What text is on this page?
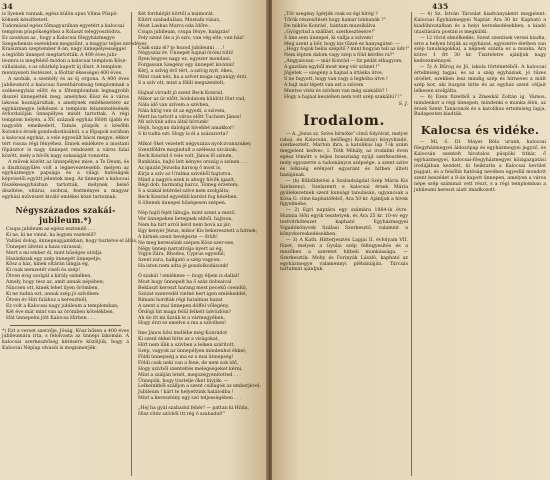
34
is ilyenek vannak, egész külön opus Vilma Püspö-
köknek készíttetett.
Tudomásul egész főmagyarában egyetért a kalocsai
templom püspökségéhez a Kolaszt telegyosztódva.
Ez azonban az , hogy a Kalocsai főegyházmegye
Szegediensis esetekben megszűnt, a magyar teljes ezredéves
Kraiszman szeptember 8-án, nagy ünnepélyességgel
a legtöbb ünnepet megtartották. A 400 éves jubi-
leumra is megfelelő módon a kalocsai templom Kösz-
vállalásán, s az oltárkép kapott új díszt. A templom
mennyezeti festészet, a főoltár ékességei 400 éves.

A szobák, a szentély és az új orgona. A 400 éves jubileumról a kalocsai Szentháromság templomnak a székesegyház előtt és a főtemplomban legnagyobb dísszel ünnepelték meg, amelyhez Kösz és a város lakosai hozzájárultak, s amelynek emlékezetére az egyházmegye lelkészei a templom felszentelésének évfordulóján ünnepélyes misét tartottak. A régi templom helyén, a XV. századi egyház fölött újabb és nagyobb emelkedett, Tamás püspök s később Kolonics érsek gondoskodásából, s a főpapok sorában a kalocsai egyház, a vele egyesült bácsi megye, ekkor tért vissza régi fényéhez. Ennek emlékére a mostani főpásztor is nagy ünnepet rendezett a város falai között, mely a hívők nagy sokaságát vonzotta.

A művek között az ünnepélyes mise, a Te Deum, és a díszközgyűlés volt a legnevezetesebb, melyen az egyházmegye papsága és a világi hatóságok képviselői együtt jelentek meg. Az ünnepet a kalocsai főszékesegyházban tartották, melynek belső díszítése, oltárai, szobrai, festményei a magyar egyházi művészet kiváló emlékei közé tartoznak.

Négyszázados szakái-jubileum.*)
Csupa jubileum az egész esztendő . . .
Ki ne, ki ne vinné, ha legyen vezérelő?
Vallási dolog, ünnepnapjainkban, hogy tisztelve el áll is,
Ünnepet ültetni a haza várassal;
Mert a mi ember él, mint hűséges utódja
Hazánknak egy szép ünnepét ünnepelje;
Kösz a ház, kinek oltárán lángja ég,
Ki csak nemzetét viseli és szép!
Ötven évig szolgál a király színében,
Amely, hogy tesz az, amit annak népében;
Nincsen ott, kinek lehet ilyen örömben,
Ki ne tudná ezt, annak szép jó szívében:
Ötven év Híri falához a keresztnél,
Ez volt a Kalocsai nagy jubileum a templomban;
Két éve már mint van az örömben kötelékben,
Hát ünnepelni jött Kalocsa Hirben . . .

*) Ezt a verset szerzője, Jóság, Kösz hősen a 400 éves jubileumára írta, s felolvasta az ünnepi lakomán. A kalocsai szerkesztőség kérésére közöljük, hogy a Kalocsai Néplap olvasói is megismerjék.

Két fordulóját körtől a mámorát.
Kitért szabadulása, Mustafa víziaz,
Most Lashas Marcs oda Időre .
Csupa jubileum, csupa fénye, hangzás!
Fely szent öle a jó szív; van vég elte, van ház!
Csak száz él? te hozod jubileumi . . .!
Négyszáz év. Ünnepét hajnal örömi tölti!
Ilyen kegyes nagy ez, egyszer mondani,
Forgassan Szegény egy ünnepét kivánni!
Kérj, a szívig érő tért, a szívig nyit, ékes,
Mint csak néz, ha a szívet maga ugyanígy érzi,
S a szív ott, mint a földi megszentelt;
Hajnal virradt jó szent Beck Konrád,
Mikor az úr előtt, hódolatom küldött fönt vad,
Nála idő van szívem a szívben,
Nála hírig ven út az egyedi, a szívem,
Mert ha tartott a város előtt Tuchsen János!
Mi szívünk adva által hívtunk!
Hejh, hogyan dalolgat hívebbé amakkor!
S ki tudta ezt: Hogy is él a százszorta?
Mikor őket vezetett négyszáza nyolczvanszuket;
Szentföldre megindult a szélessz utcának;
Beck Konrád ö vele volt, János fő színén,
Bankátás, hajtó lett kényes ország a színen . . .
Az igazán Jézusba harsog ő most is,
Kirja a szív az Uralma szívéből hajtatva.
Mind a nagyra ezek is ahogy hívők igazít,
Régi dob, harmatig harcz, Tömeg érzetem;
S a szakál letérdel szíve nem szolgálta;
Beck Konrád egyedüli kardot fog kézében.
S öltenek ünnepei hűségesen szépen.
Nép hajtl fejét lábujja, mint szent a mező,
Vér ünnepeken betegnek ebből, hajtson,
Nem ha hirt arról kérd nem hová az jár;
Egy kenyér Jézus, mikor Kis bekeresztett a hírnek;
A hírnek szent bevégezte — őrült!
Ne meg keressünk szépen Kösz-szer-eze,
Négy ünnep narratívája nyert az ég,
Vigye Zára, Rhodos, Cyprus egyedül;
Szent zara, hallgató a szép vagyon:
Ha isten nem adta jó gondolkodásunk!
Ó szakál ! emlékeze — hogy éljem is dallal!
Most hogy ünnepelt ha ő száz dobsaival
Beklaszt kereszt harang mest pecekű csendül,
Szózat szenvedél vietné bert igen emlékeddel,
Rimani hordták régi hatalmas hazat
A szent a mai ünnepen dóffel vőlegény.
Ördögi hit maga felül felkelt üdvözlöm?
Ah do itt mi űzzük le a vármegyében,
Hogy érzi ez emelve a ma a szívében!
Íme János hősi mellébe még Konrádot
Ki szent ékkel hitte az a virágokat,
Hírt nem illik a szívben a lelken szárított,
Szép, vagyok az ünnepélyen mindenhol ékkel;
Földi ünnepség a ma ez a mai ünnepség!
Földi csak neki van a fene, de nem sok idő,
Hogy szívből szenteltés melegségeket kérni,
Mint a szálján letelt, megszégyenítetted . . .
Ünnepük, hogy tisztelje őket hívják: —
Lelkeinkből szálljon a szent csillagok az emberjével;
Jubileum ! kárt te helyettünk halálodba !
Mint a keresztény egy szó teljességében . . .
„Hej ha gyál szabadul fehér! — pattan ki Hilda,
Hisz vitéz szívből itt rég ó szabadul!"
435
„Tőr szegény Ígérjék csak ez égi hírég ?
Tőrök részesítését hogy hamar lobbanák ?"
De miklós Konrád , bántam muzsikálva
„Gyógyítsd a szállást, szerkesztésére!"
S íme sem ünnepel, ki vallja a szívem!
Meg szent a bőr, hogy kis tűzzé ez hanyagáter: —
„Hogy fogok bekis szépítő ? mint hogyan teli az üdv!"
Nem lépten dalom vagy szép a föld kérdés rá?"
„Angyalosan — már Konrád — tíz pédát elhagyom,
A gazdám egyből most meg vér szünet !"
Jöjjetek — szegény a hajnal a irtáska ütve,
S ne fagyott, hogy van vagy a leghóba ütve !
A bajt már lépett van ezt a szívem
Mentve vitéz és szívben van még szakállú? !
Hogy a hajnal keszében nem volt szép szakállú? !"
S. J.
Irodalom.

— A „Jézus sz. Szíve hírnöke" című folyóirat, melyet rabai, én Kalocsán, belőlegyi Kolontayi könyvkiadó, szerkesztett, Marton ihra, a katolikus lap 7-ik szám megjelent kedvec, l. Tóth Mihály, az irodalmi éven egész tömört s teljes hosszúság nyújt szerkesztése, mely egyszerre a tudományos szépsége, a szent szíve és lelkiség erényeit egyaránt és hitben ülteti hazájának.

— (b) Bűbűldetési a Szabadságdal Szép Mária Kis Szelszenyi. Szelszentt e kalocsai érsek Mária gyülekezetnek szent kunsági tanulásán, ugyancsak a Kósa G. címe kaphatófelső, Ára 50 kr. Ajánljuk a hivek figyelmébe.

— 2) Egri naptára egy számára 1884-ik évre. Hunnia Hőn egyik tesztetyek, és Ára 25 kr. 10-ev egy testvérkötészet kapható Egyházmegyei Vigadókönyvek Szálasi Szerkesztő, valamint a könyvkereskedésekben.

— 3) A Kath. Hitterjesztés Lapjai II. évfolyam VII. füzet, melyen a Gyulai szép feltegyesítés és a mezőben a szeretet hitbeli munkássága. — Szerkesztik: Mohy és Forinyák László, kapható az egyházmegye valamennyi plébániáján. Tárczás tartalmát ajánljuk.

— 4) Sz. István Társulat kiadványaként megjelent: Kalocsai Egyházmegyei Naptár. Ára 30 kr. Kapható a kiadóhivatalban és a helyi kereskedésekben; a kiadó utasítására postán is megküldi.

— 12 rövid elmélkedés, Szent szentnek versei kiadta, erre a helyen hívják az egyházat, egyszerre életben van szép tanulságokkal, a népnek szánta ez a munka. Ára kötve 1 frt 30 kr. Tiszteletre ajánljuk nagy kedvezménnyel.

— 5) A Bűrog és Jó, iskola történetéből: A kalocsai értelmiség tagjai, és az a szép egyháziak, jó tüzes utóélet, ezekben lesz mindig szép és hírneves a múlt szép kor, aki buzgón hitte és az egyház szent céljait lelkesen szolgálta.

— 6) Ezen füzetből a Zmeskál Zoltán ig. Vámos, mindenkor a régi ünnepen, mindenki e munka élén, az érsek Szent Tanácsnok és a katolikus értelmiség lapja. Budapesten kiadták.

Kalocsa és vidéke.

— Mi, ő. Dl. Mayer Béla urunk, kalocsai főegyházmegyei áldozópap és egyházmegyei jegyző, és Kalocsán szentelt hivatalos püspöki titkár, ő egyházmegyei, kalocsai-főegyházmegyei közigazgatási irodájában kezdett, ki beiktatta a Kalocsai kerület papjait, és a felsőbb hatóság nevében egyedül mondott szent beszédet a 8-án kapott ünnepen, amelyen a város népe szép számmal vett részt, s a régi templomban a jubileumi kereszt alatt imádkozott.
